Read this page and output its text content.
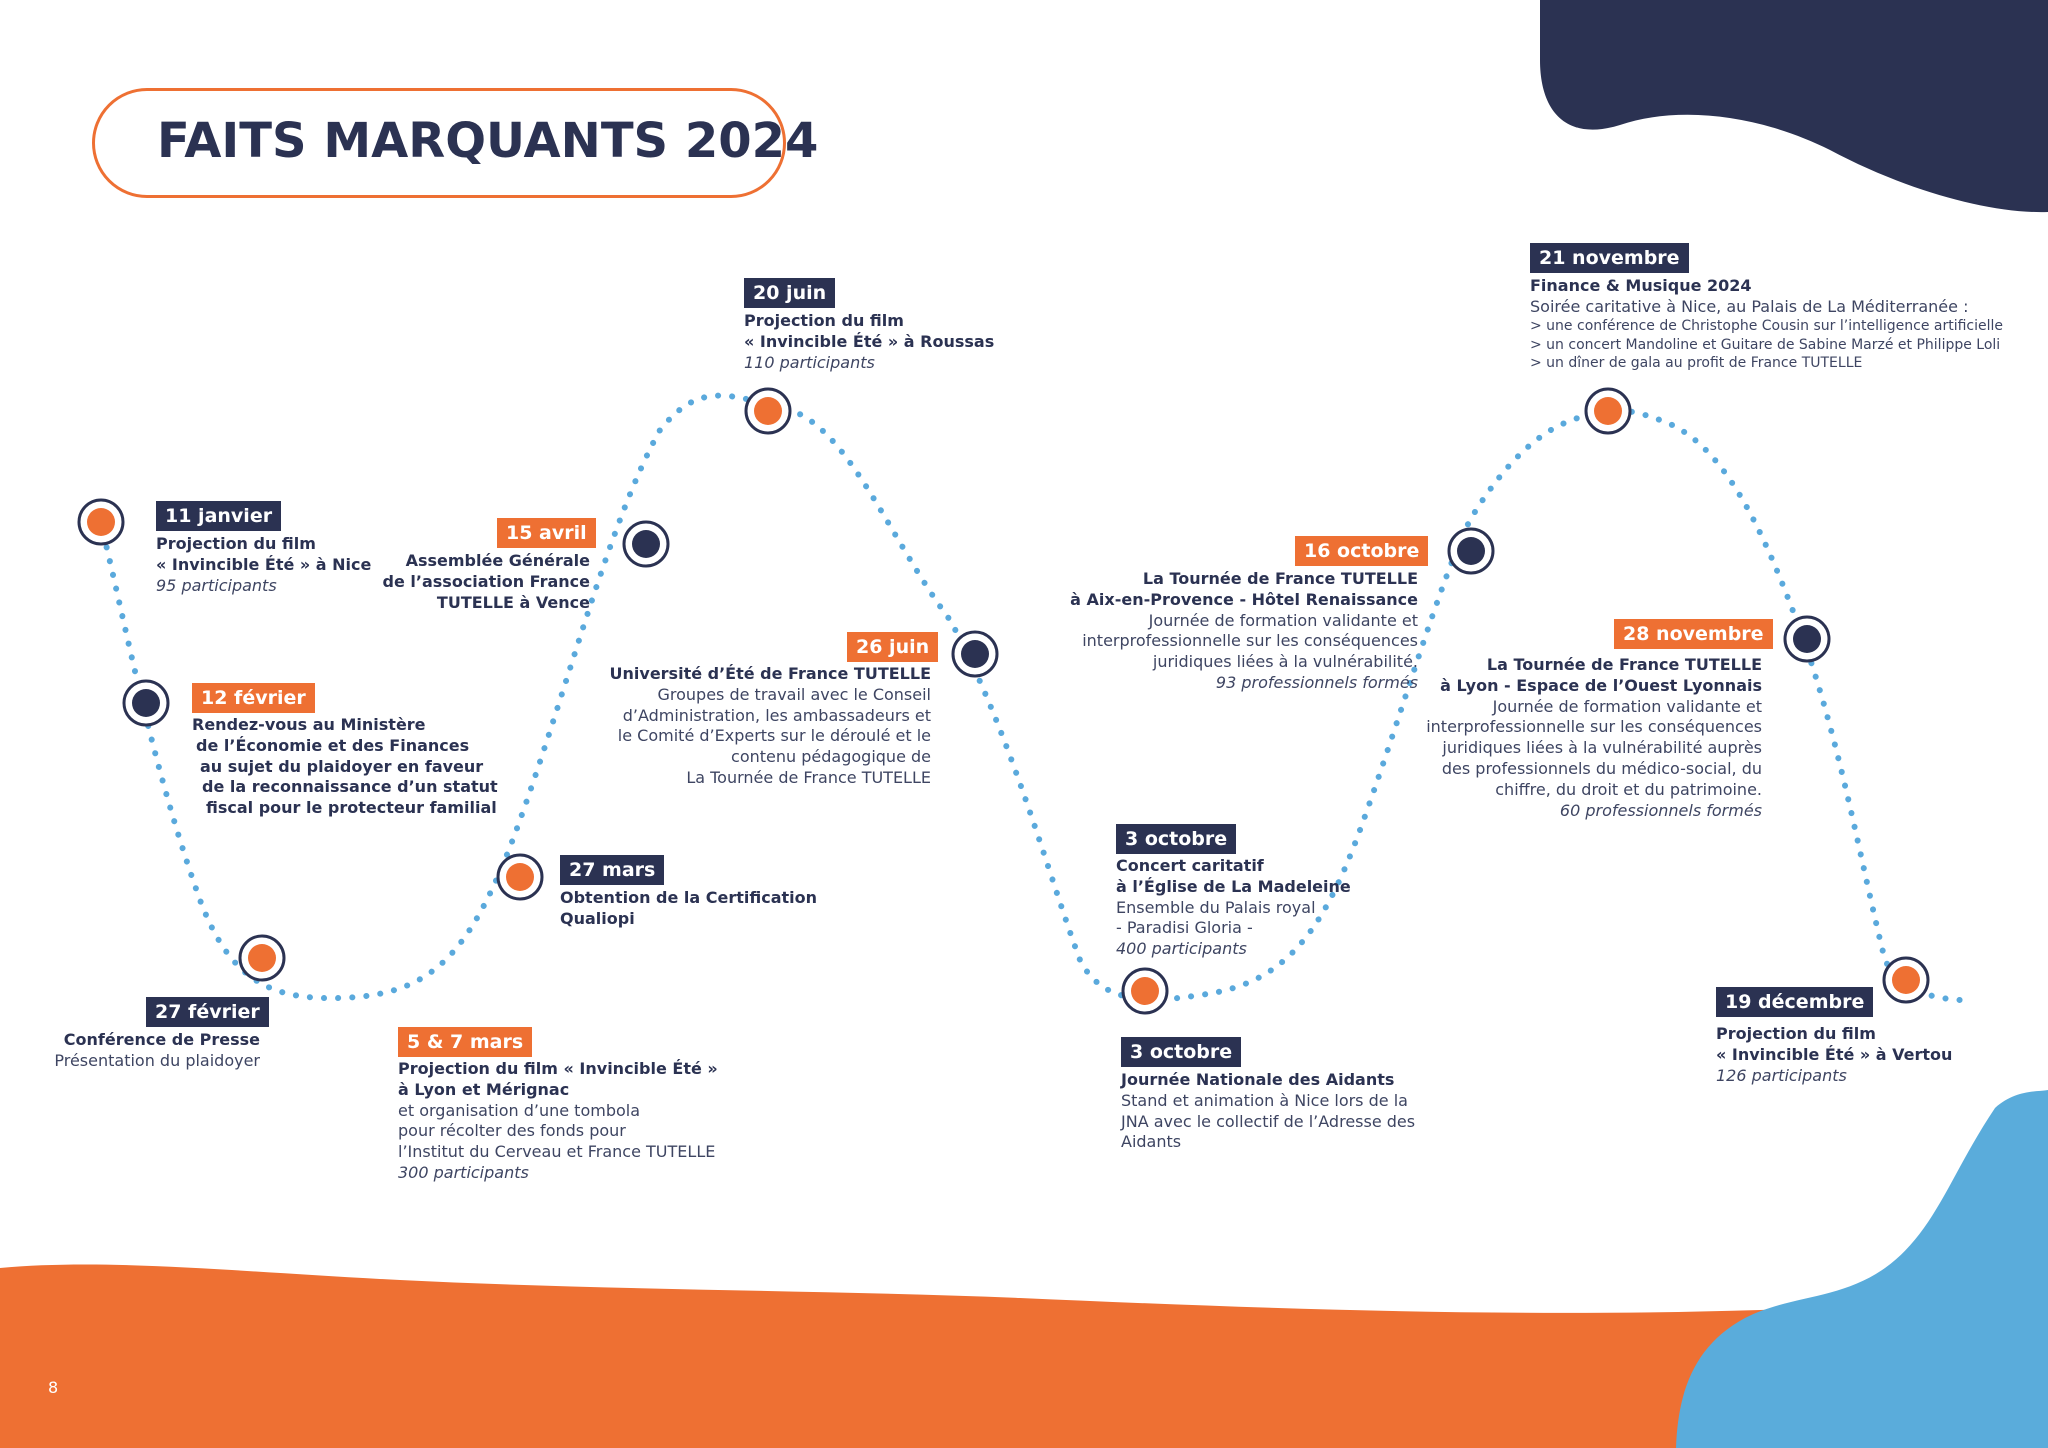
FAITS MARQUANTS 2024
11 janvier
Projection du film
« Invincible Été » à Nice
95 participants
12 février
Rendez-vous au Ministère
de l’Économie et des Finances
au sujet du plaidoyer en faveur
de la reconnaissance d’un statut
fiscal pour le protecteur familial
27 février
Conférence de Presse
Présentation du plaidoyer
5 & 7 mars
Projection du film « Invincible Été »
à Lyon et Mérignac
et organisation d’une tombola
pour récolter des fonds pour
l’Institut du Cerveau et France TUTELLE
300 participants
27 mars
Obtention de la Certification
Qualiopi
15 avril
Assemblée Générale
de l’association France
TUTELLE à Vence
20 juin
Projection du film
« Invincible Été » à Roussas
110 participants
26 juin
Université d’Été de France TUTELLE
Groupes de travail avec le Conseil
d’Administration, les ambassadeurs et
le Comité d’Experts sur le déroulé et le
contenu pédagogique de
La Tournée de France TUTELLE
3 octobre
Concert caritatif
à l’Église de La Madeleine
Ensemble du Palais royal
- Paradisi Gloria -
400 participants
3 octobre
Journée Nationale des Aidants
Stand et animation à Nice lors de la
JNA avec le collectif de l’Adresse des
Aidants
16 octobre
La Tournée de France TUTELLE
à Aix-en-Provence - Hôtel Renaissance
Journée de formation validante et
interprofessionnelle sur les conséquences
juridiques liées à la vulnérabilité.
93 professionnels formés
21 novembre
Finance & Musique 2024
Soirée caritative à Nice, au Palais de La Méditerranée :
> une conférence de Christophe Cousin sur l’intelligence artificielle
> un concert Mandoline et Guitare de Sabine Marzé et Philippe Loli
> un dîner de gala au profit de France TUTELLE
28 novembre
La Tournée de France TUTELLE
à Lyon - Espace de l’Ouest Lyonnais
Journée de formation validante et
interprofessionnelle sur les conséquences
juridiques liées à la vulnérabilité auprès
des professionnels du médico-social, du
chiffre, du droit et du patrimoine.
60 professionnels formés
19 décembre
Projection du film
« Invincible Été » à Vertou
126 participants
8
